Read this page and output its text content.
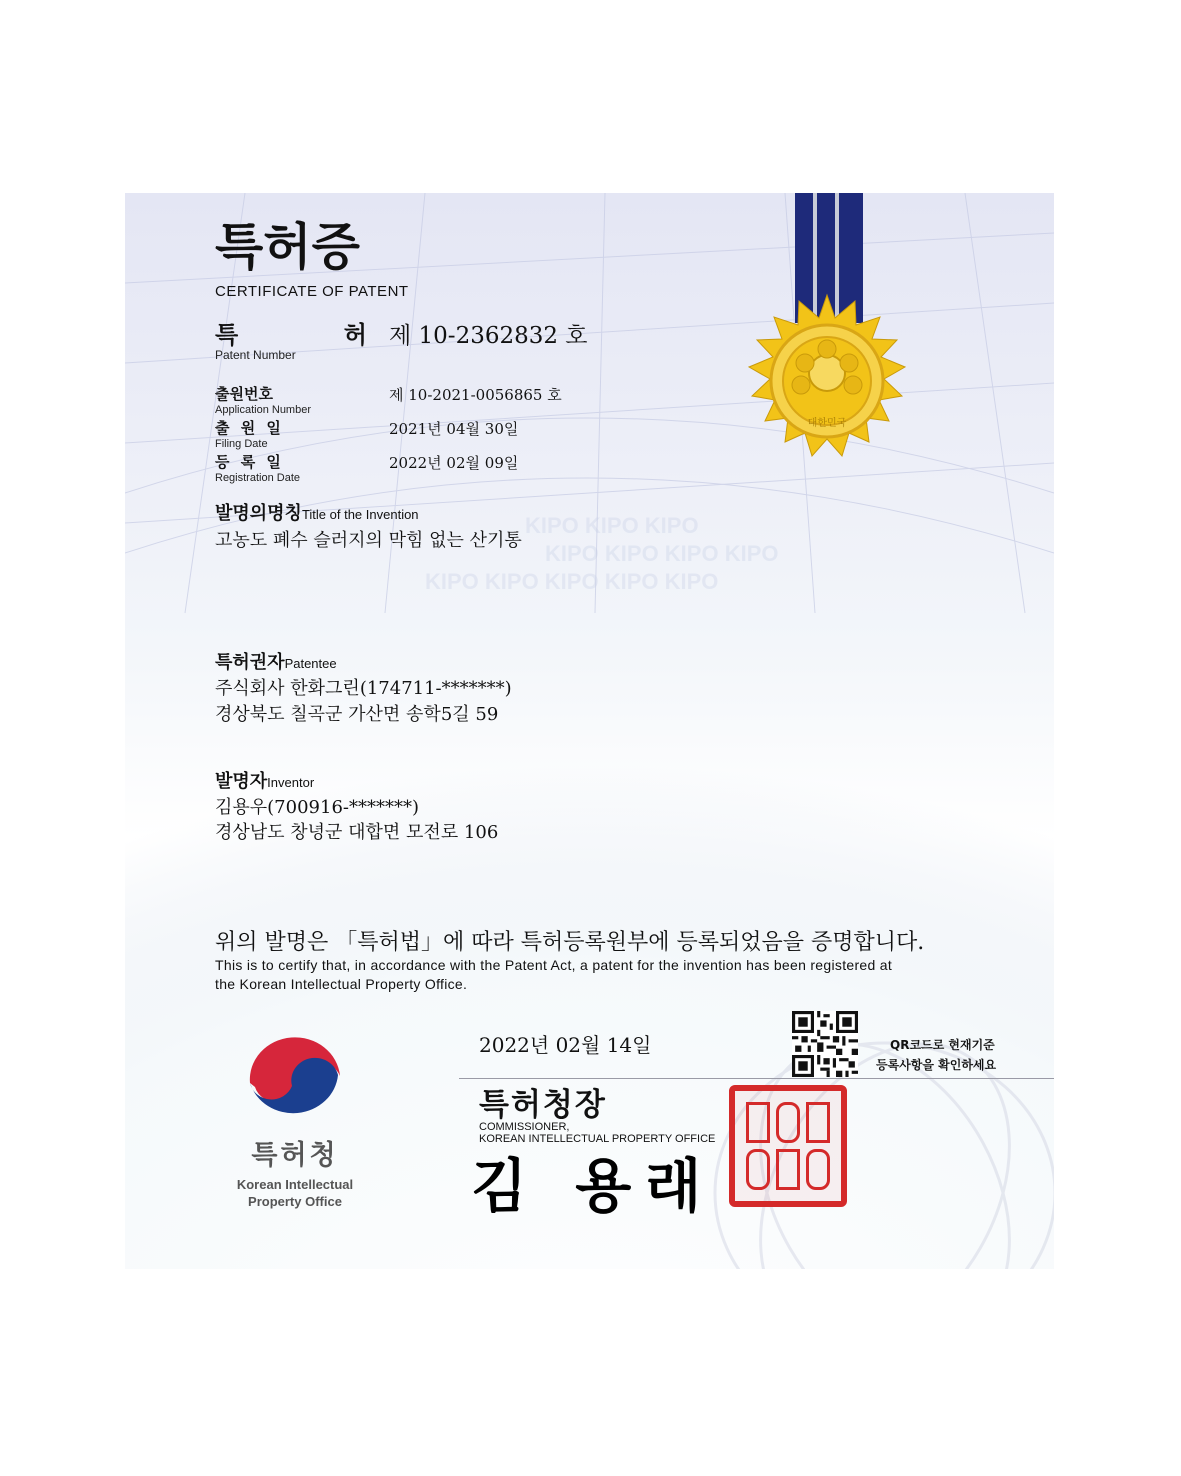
KIPO KIPO KIPO
KIPO KIPO KIPO KIPO
KIPO KIPO KIPO KIPO KIPO
특허증
CERTIFICATE OF PATENT
특          허
Patent Number
제 10-2362832 호
출원번호
Application Number
제 10-2021-0056865 호
출 원 일
Filing Date
2021년 04월 30일
등 록 일
Registration Date
2022년 02월 09일
발명의명칭Title of the Invention
고농도 폐수 슬러지의 막힘 없는 산기통
특허권자Patentee
주식회사 한화그린(174711-*******)
경상북도 칠곡군 가산면 송학5길 59
발명자Inventor
김용우(700916-*******)
경상남도 창녕군 대합면 모전로 106
위의 발명은 「특허법」에 따라 특허등록원부에 등록되었음을 증명합니다.
This is to certify that, in accordance with the Patent Act, a patent for the invention has been registered at
the Korean Intellectual Property Office.
특허청
Korean Intellectual
Property Office
2022년 02월 14일
특허청장
COMMISSIONER,
KOREAN INTELLECTUAL PROPERTY OFFICE
김 용래
QR코드로 현재기준
등록사항을 확인하세요
대한민국
